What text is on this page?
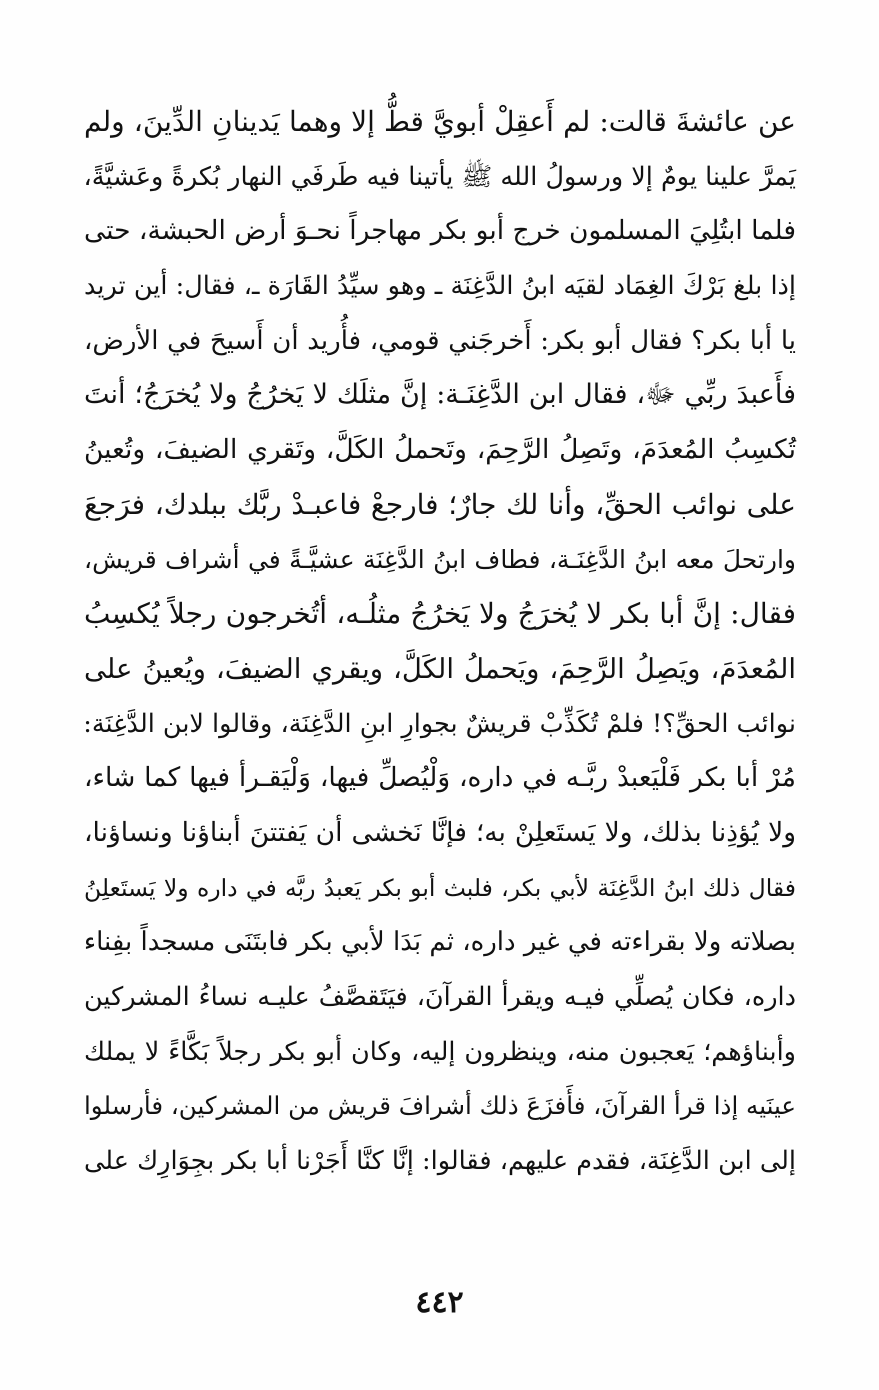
عن عائشةَ قالت: لم أَعقِلْ أبويَّ قطُّ إلا وهما يَدينانِ الدِّينَ، ولم
يَمرَّ علينا يومٌ إلا ورسولُ الله ﷺ يأتينا فيه طَرفَي النهار بُكرةً وعَشيَّةً،
فلما ابتُلِيَ المسلمون خرج أبو بكر مهاجراً نحـوَ أرض الحبشة، حتى
إذا بلغ بَرْكَ الغِمَاد لقيَه ابنُ الدَّغِنَة ـ وهو سيِّدُ القَارَة ـ، فقال: أين تريد
يا أبا بكر؟ فقال أبو بكر: أَخرجَني قومي، فأُريد أن أَسيحَ في الأرض،
فأَعبدَ ربِّي ﷻ، فقال ابن الدَّغِنَـة: إنَّ مثلَك لا يَخرُجُ ولا يُخرَجُ؛ أنتَ
تُكسِبُ المُعدَمَ، وتَصِلُ الرَّحِمَ، وتَحملُ الكَلَّ، وتَقري الضيفَ، وتُعينُ
على نوائب الحقِّ، وأنا لك جارٌ؛ فارجعْ فاعبـدْ ربَّك ببلدك، فرَجعَ
وارتحلَ معه ابنُ الدَّغِنَـة، فطاف ابنُ الدَّغِنَة عشيَّـةً في أشراف قريش،
فقال: إنَّ أبا بكر لا يُخرَجُ ولا يَخرُجُ مثلُـه، أتُخرجون رجلاً يُكسِبُ
المُعدَمَ، ويَصِلُ الرَّحِمَ، ويَحملُ الكَلَّ، ويقري الضيفَ، ويُعينُ على
نوائب الحقِّ؟! فلمْ تُكَذِّبْ قريشٌ بجوارِ ابنِ الدَّغِنَة، وقالوا لابن الدَّغِنَة:
مُرْ أبا بكر فَلْيَعبدْ ربَّـه في داره، وَلْيُصلِّ فيها، وَلْيَقـرأ فيها كما شاء،
ولا يُؤذِنا بذلك، ولا يَستَعلِنْ به؛ فإنَّا نَخشى أن يَفتتنَ أبناؤنا ونساؤنا،
فقال ذلك ابنُ الدَّغِنَة لأبي بكر، فلبث أبو بكر يَعبدُ ربَّه في داره ولا يَستَعلِنُ
بصلاته ولا بقراءته في غير داره، ثم بَدَا لأبي بكر فابتَنَى مسجداً بفِناء
داره، فكان يُصلِّي فيـه ويقرأ القرآنَ، فيَتَقصَّفُ عليـه نساءُ المشركين
وأبناؤهم؛ يَعجبون منه، وينظرون إليه، وكان أبو بكر رجلاً بَكَّاءً لا يملك
عينَيه إذا قرأ القرآنَ، فأَفزَعَ ذلك أشرافَ قريش من المشركين، فأرسلوا
إلى ابن الدَّغِنَة، فقدم عليهم، فقالوا: إنَّا كنَّا أَجَرْنا أبا بكر بجِوَارِك على
٤٤٢
